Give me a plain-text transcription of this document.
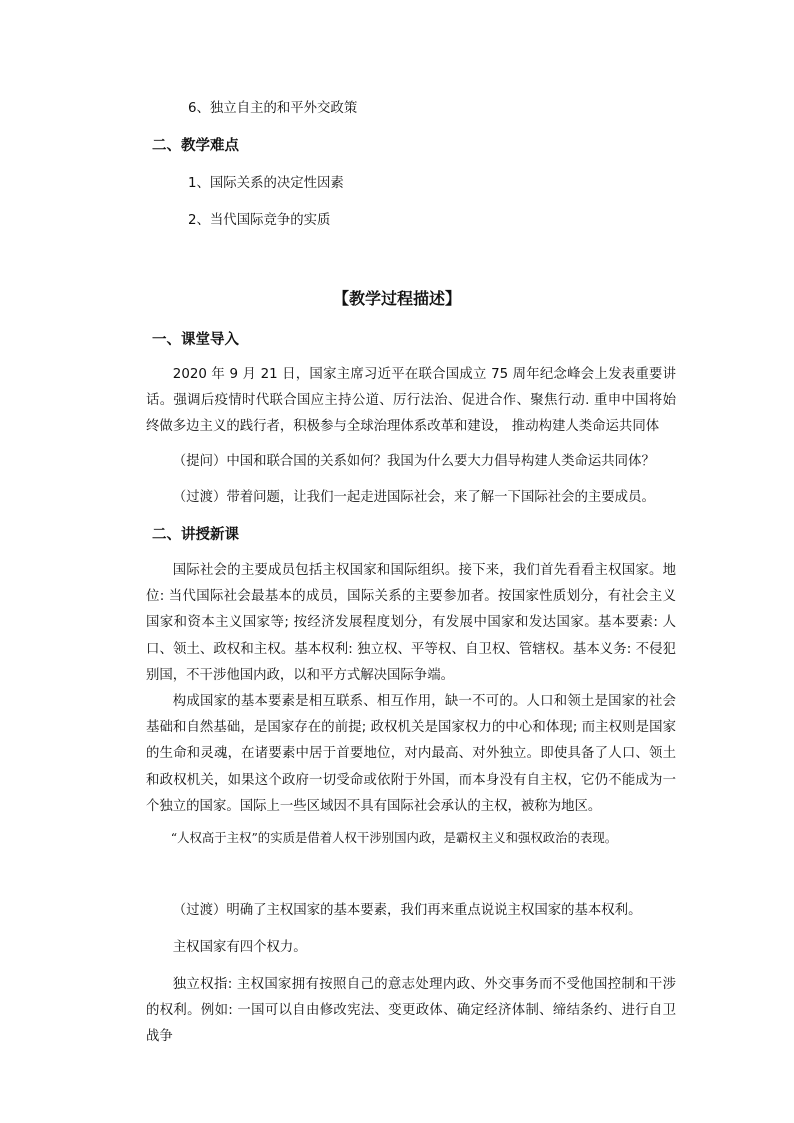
6、独立自主的和平外交政策
二、教学难点
1、国际关系的决定性因素
2、当代国际竞争的实质
【教学过程描述】
一、课堂导入
2020 年 9 月 21 日，国家主席习近平在联合国成立 75 周年纪念峰会上发表重要讲话。强调后疫情时代联合国应主持公道、厉行法治、促进合作、聚焦行动. 重申中国将始终做多边主义的践行者，积极参与全球治理体系改革和建设， 推动构建人类命运共同体
（提问）中国和联合国的关系如何？我国为什么要大力倡导构建人类命运共同体？
（过渡）带着问题，让我们一起走进国际社会，来了解一下国际社会的主要成员。
二、讲授新课
国际社会的主要成员包括主权国家和国际组织。接下来，我们首先看看主权国家。地位: 当代国际社会最基本的成员，国际关系的主要参加者。按国家性质划分，有社会主义国家和资本主义国家等; 按经济发展程度划分，有发展中国家和发达国家。基本要素: 人口、领土、政权和主权。基本权利: 独立权、平等权、自卫权、管辖权。基本义务: 不侵犯别国，不干涉他国内政，以和平方式解决国际争端。
构成国家的基本要素是相互联系、相互作用，缺一不可的。人口和领土是国家的社会基础和自然基础，是国家存在的前提; 政权机关是国家权力的中心和体现; 而主权则是国家的生命和灵魂，在诸要素中居于首要地位，对内最高、对外独立。即使具备了人口、领土和政权机关，如果这个政府一切受命或依附于外国，而本身没有自主权，它仍不能成为一个独立的国家。国际上一些区域因不具有国际社会承认的主权，被称为地区。
“人权高于主权”的实质是借着人权干涉别国内政，是霸权主义和强权政治的表现。
（过渡）明确了主权国家的基本要素，我们再来重点说说主权国家的基本权利。
主权国家有四个权力。
独立权指: 主权国家拥有按照自己的意志处理内政、外交事务而不受他国控制和干涉的权利。例如: 一国可以自由修改宪法、变更政体、确定经济体制、缔结条约、进行自卫战争
